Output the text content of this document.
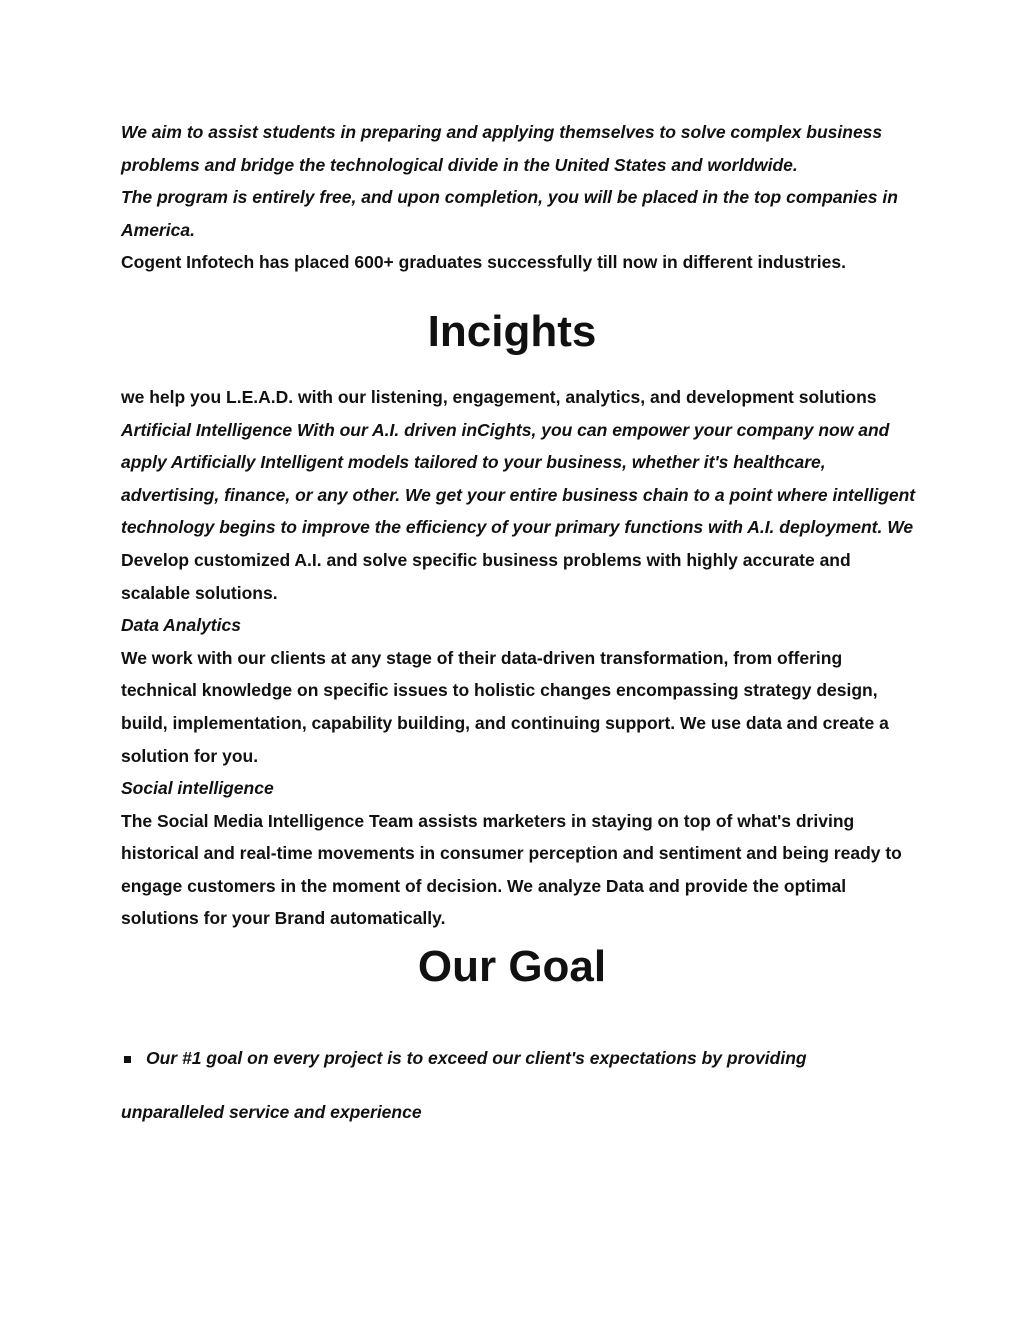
We aim to assist students in preparing and applying themselves to solve complex business problems and bridge the technological divide in the United States and worldwide.

The program is entirely free, and upon completion, you will be placed in the top companies in America.

Cogent Infotech has placed 600+ graduates successfully till now in different industries.

Incights

we help you L.E.A.D. with our listening, engagement, analytics, and development solutions

Artificial Intelligence With our A.I. driven inCights, you can empower your company now and apply Artificially Intelligent models tailored to your business, whether it's healthcare, advertising, finance, or any other. We get your entire business chain to a point where intelligent technology begins to improve the efficiency of your primary functions with A.I. deployment. We Develop customized A.I. and solve specific business problems with highly accurate and scalable solutions.

Data Analytics

We work with our clients at any stage of their data-driven transformation, from offering technical knowledge on specific issues to holistic changes encompassing strategy design, build, implementation, capability building, and continuing support. We use data and create a solution for you.

Social intelligence

The Social Media Intelligence Team assists marketers in staying on top of what's driving historical and real-time movements in consumer perception and sentiment and being ready to engage customers in the moment of decision. We analyze Data and provide the optimal solutions for your Brand automatically.

Our Goal
Our #1 goal on every project is to exceed our client's expectations by providing
unparalleled service and experience
